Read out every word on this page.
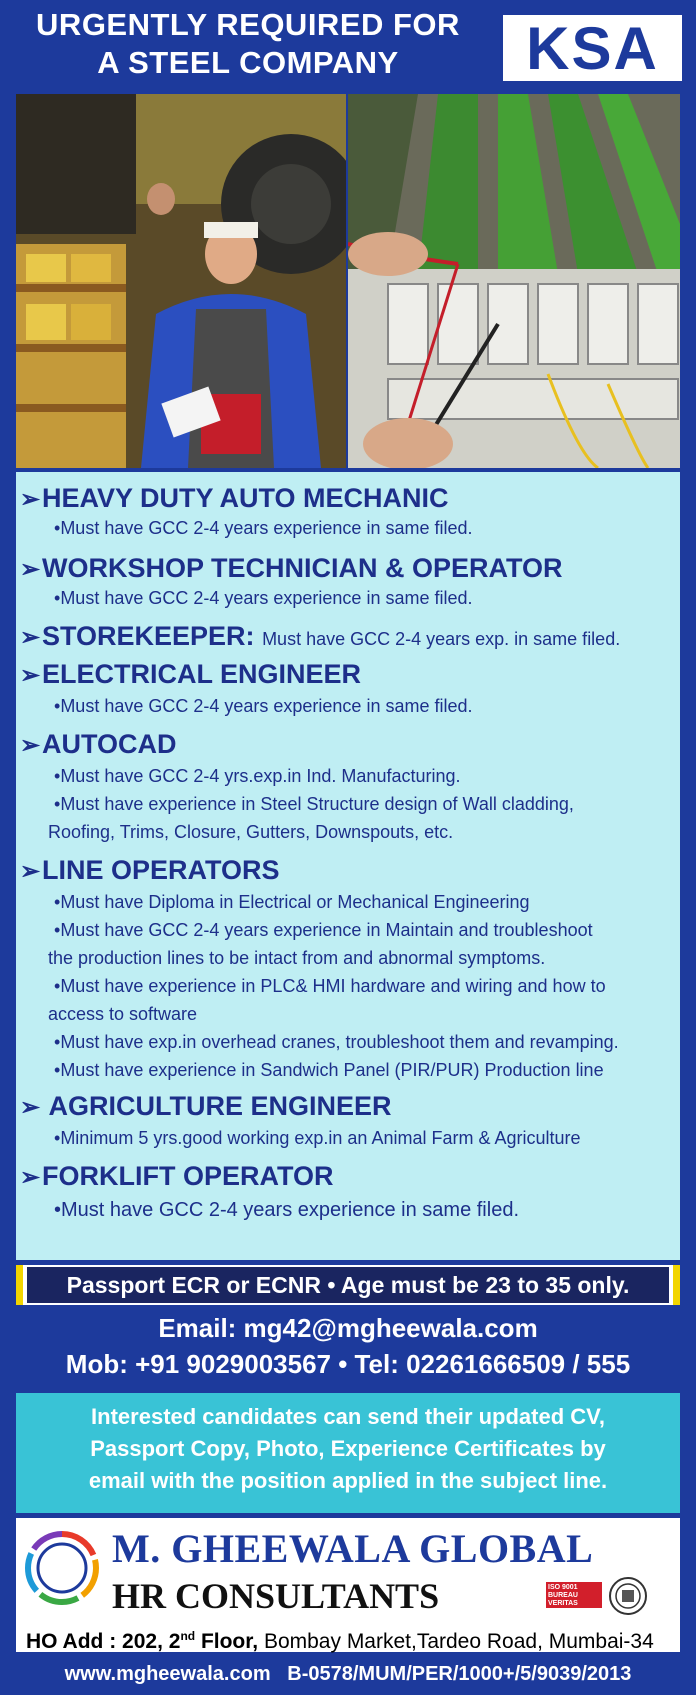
URGENTLY REQUIRED FOR
A STEEL COMPANY	KSA
➢HEAVY DUTY AUTO MECHANIC
•Must have GCC 2-4 years experience in same filed.
➢WORKSHOP TECHNICIAN & OPERATOR
•Must have GCC 2-4 years experience in same filed.
➢STOREKEEPER: Must have GCC 2-4 years exp. in same filed.
➢ELECTRICAL ENGINEER
•Must have GCC 2-4 years experience in same filed.
➢AUTOCAD
•Must have GCC 2-4 yrs.exp.in Ind. Manufacturing.
•Must have experience in Steel Structure design of Wall cladding,
Roofing, Trims, Closure, Gutters, Downspouts, etc.
➢LINE OPERATORS
•Must have Diploma in Electrical or Mechanical Engineering
•Must have GCC 2-4 years experience in Maintain and troubleshoot
the production lines to be intact from and abnormal symptoms.
•Must have experience in PLC& HMI hardware and wiring and how to
access to software
•Must have exp.in overhead cranes, troubleshoot them and revamping.
•Must have experience in Sandwich Panel (PIR/PUR) Production line
➢ AGRICULTURE ENGINEER
•Minimum 5 yrs.good working exp.in an Animal Farm & Agriculture
➢FORKLIFT OPERATOR
•Must have GCC 2-4 years experience in same filed.
Passport ECR or ECNR • Age must be 23 to 35 only.
Email: mg42@mgheewala.com
Mob: +91 9029003567 • Tel: 02261666509 / 555
Interested candidates can send their updated CV,
Passport Copy, Photo, Experience Certificates by
email with the position applied in the subject line.
M. GHEEWALA GLOBAL
HR CONSULTANTS	ISO 9001
BUREAU VERITAS
HO Add : 202, 2nd Floor, Bombay Market,Tardeo Road, Mumbai-34
www.mgheewala.com B-0578/MUM/PER/1000+/5/9039/2013
